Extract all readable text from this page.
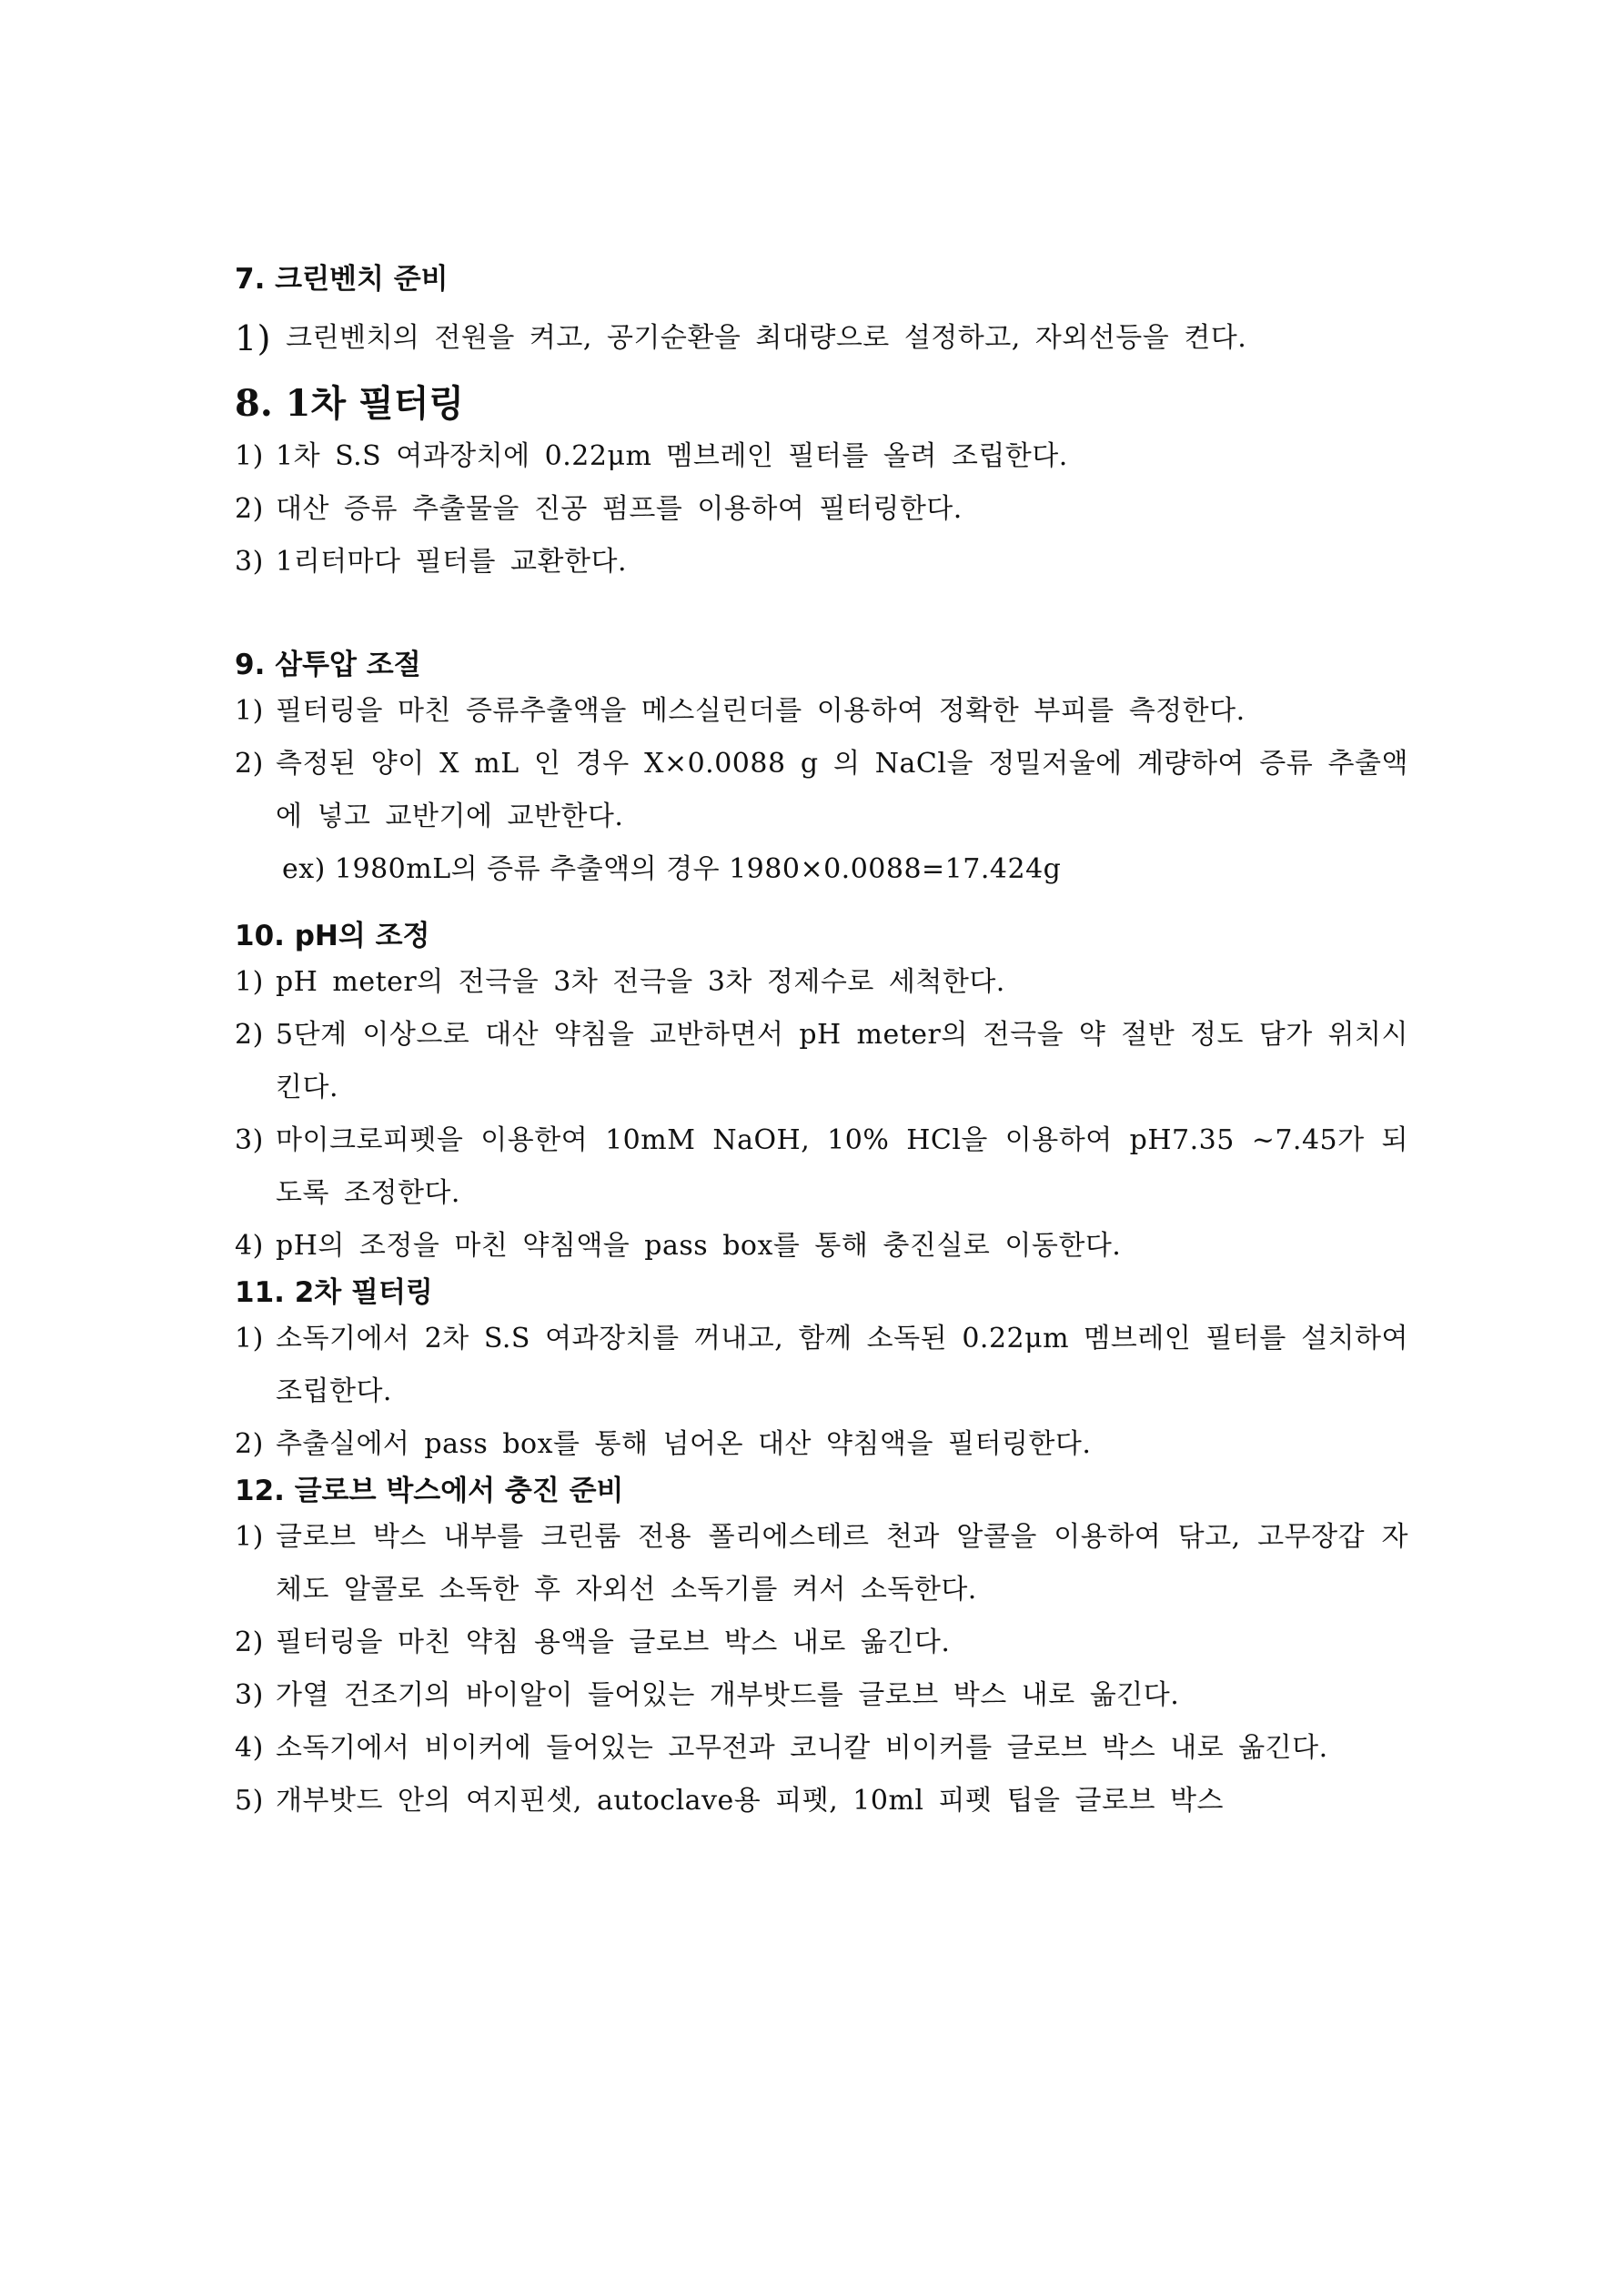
7. 크린벤치 준비
1) 크린벤치의 전원을 켜고, 공기순환을 최대량으로 설정하고, 자외선등을 켠다.
8. 1차 필터링
1) 1차 S.S 여과장치에 0.22μm 멤브레인 필터를 올려 조립한다.
2) 대산 증류 추출물을 진공 펌프를 이용하여 필터링한다.
3) 1리터마다 필터를 교환한다.
9. 삼투압 조절
1) 필터링을 마친 증류추출액을 메스실린더를 이용하여 정확한 부피를 측정한다.
2) 측정된 양이 X mL 인 경우 X×0.0088 g 의 NaCl을 정밀저울에 계량하여 증류 추출액에 넣고 교반기에 교반한다.
ex) 1980mL의 증류 추출액의 경우 1980×0.0088=17.424g
10. pH의 조정
1) pH meter의 전극을 3차 전극을 3차 정제수로 세척한다.
2) 5단계 이상으로 대산 약침을 교반하면서 pH meter의 전극을 약 절반 정도 담가 위치시킨다.
3) 마이크로피펫을 이용한여 10mM NaOH, 10% HCl을 이용하여 pH7.35 ~7.45가 되도록 조정한다.
4) pH의 조정을 마친 약침액을 pass box를 통해 충진실로 이동한다.
11. 2차 필터링
1) 소독기에서 2차 S.S 여과장치를 꺼내고, 함께 소독된 0.22μm 멤브레인 필터를 설치하여 조립한다.
2) 추출실에서 pass box를 통해 넘어온 대산 약침액을 필터링한다.
12. 글로브 박스에서 충진 준비
1) 글로브 박스 내부를 크린룸 전용 폴리에스테르 천과 알콜을 이용하여 닦고, 고무장갑 자체도 알콜로 소독한 후 자외선 소독기를 켜서 소독한다.
2) 필터링을 마친 약침 용액을 글로브 박스 내로 옮긴다.
3) 가열 건조기의 바이알이 들어있는 개부밧드를 글로브 박스 내로 옮긴다.
4) 소독기에서 비이커에 들어있는 고무전과 코니칼 비이커를 글로브 박스 내로 옮긴다.
5) 개부밧드 안의 여지핀셋, autoclave용 피펫, 10ml 피펫 팁을 글로브 박스
